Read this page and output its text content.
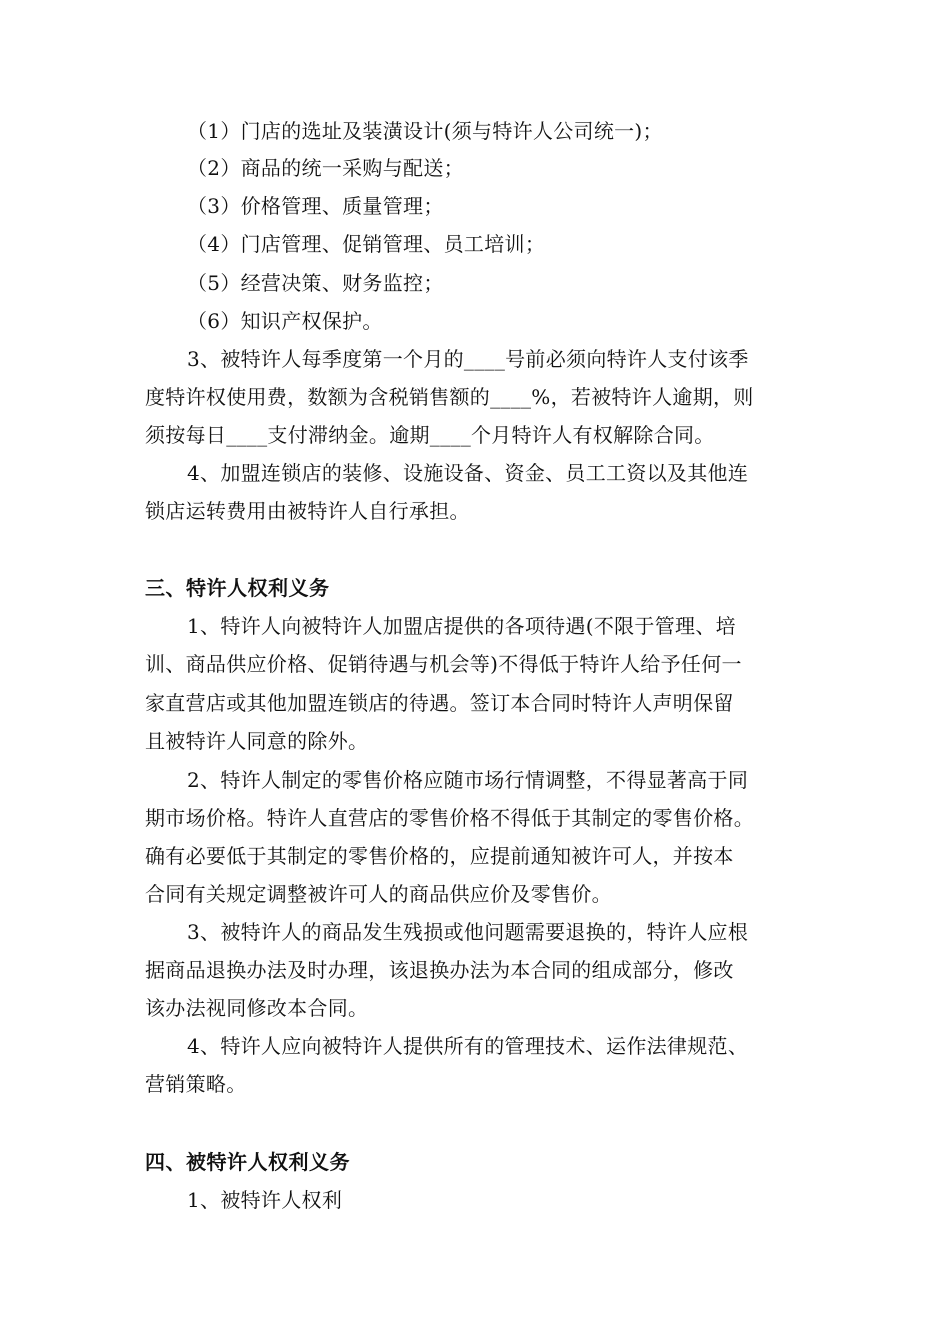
（1）门店的选址及装潢设计(须与特许人公司统一)；
（2）商品的统一采购与配送；
（3）价格管理、质量管理；
（4）门店管理、促销管理、员工培训；
（5）经营决策、财务监控；
（6）知识产权保护。
3、被特许人每季度第一个月的____号前必须向特许人支付该季
度特许权使用费，数额为含税销售额的____%，若被特许人逾期，则
须按每日____支付滞纳金。逾期____个月特许人有权解除合同。
4、加盟连锁店的装修、设施设备、资金、员工工资以及其他连
锁店运转费用由被特许人自行承担。
三、特许人权利义务
1、特许人向被特许人加盟店提供的各项待遇(不限于管理、培
训、商品供应价格、促销待遇与机会等)不得低于特许人给予任何一
家直营店或其他加盟连锁店的待遇。签订本合同时特许人声明保留
且被特许人同意的除外。
2、特许人制定的零售价格应随市场行情调整，不得显著高于同
期市场价格。特许人直营店的零售价格不得低于其制定的零售价格。
确有必要低于其制定的零售价格的，应提前通知被许可人，并按本
合同有关规定调整被许可人的商品供应价及零售价。
3、被特许人的商品发生残损或他问题需要退换的，特许人应根
据商品退换办法及时办理，该退换办法为本合同的组成部分，修改
该办法视同修改本合同。
4、特许人应向被特许人提供所有的管理技术、运作法律规范、
营销策略。
四、被特许人权利义务
1、被特许人权利
